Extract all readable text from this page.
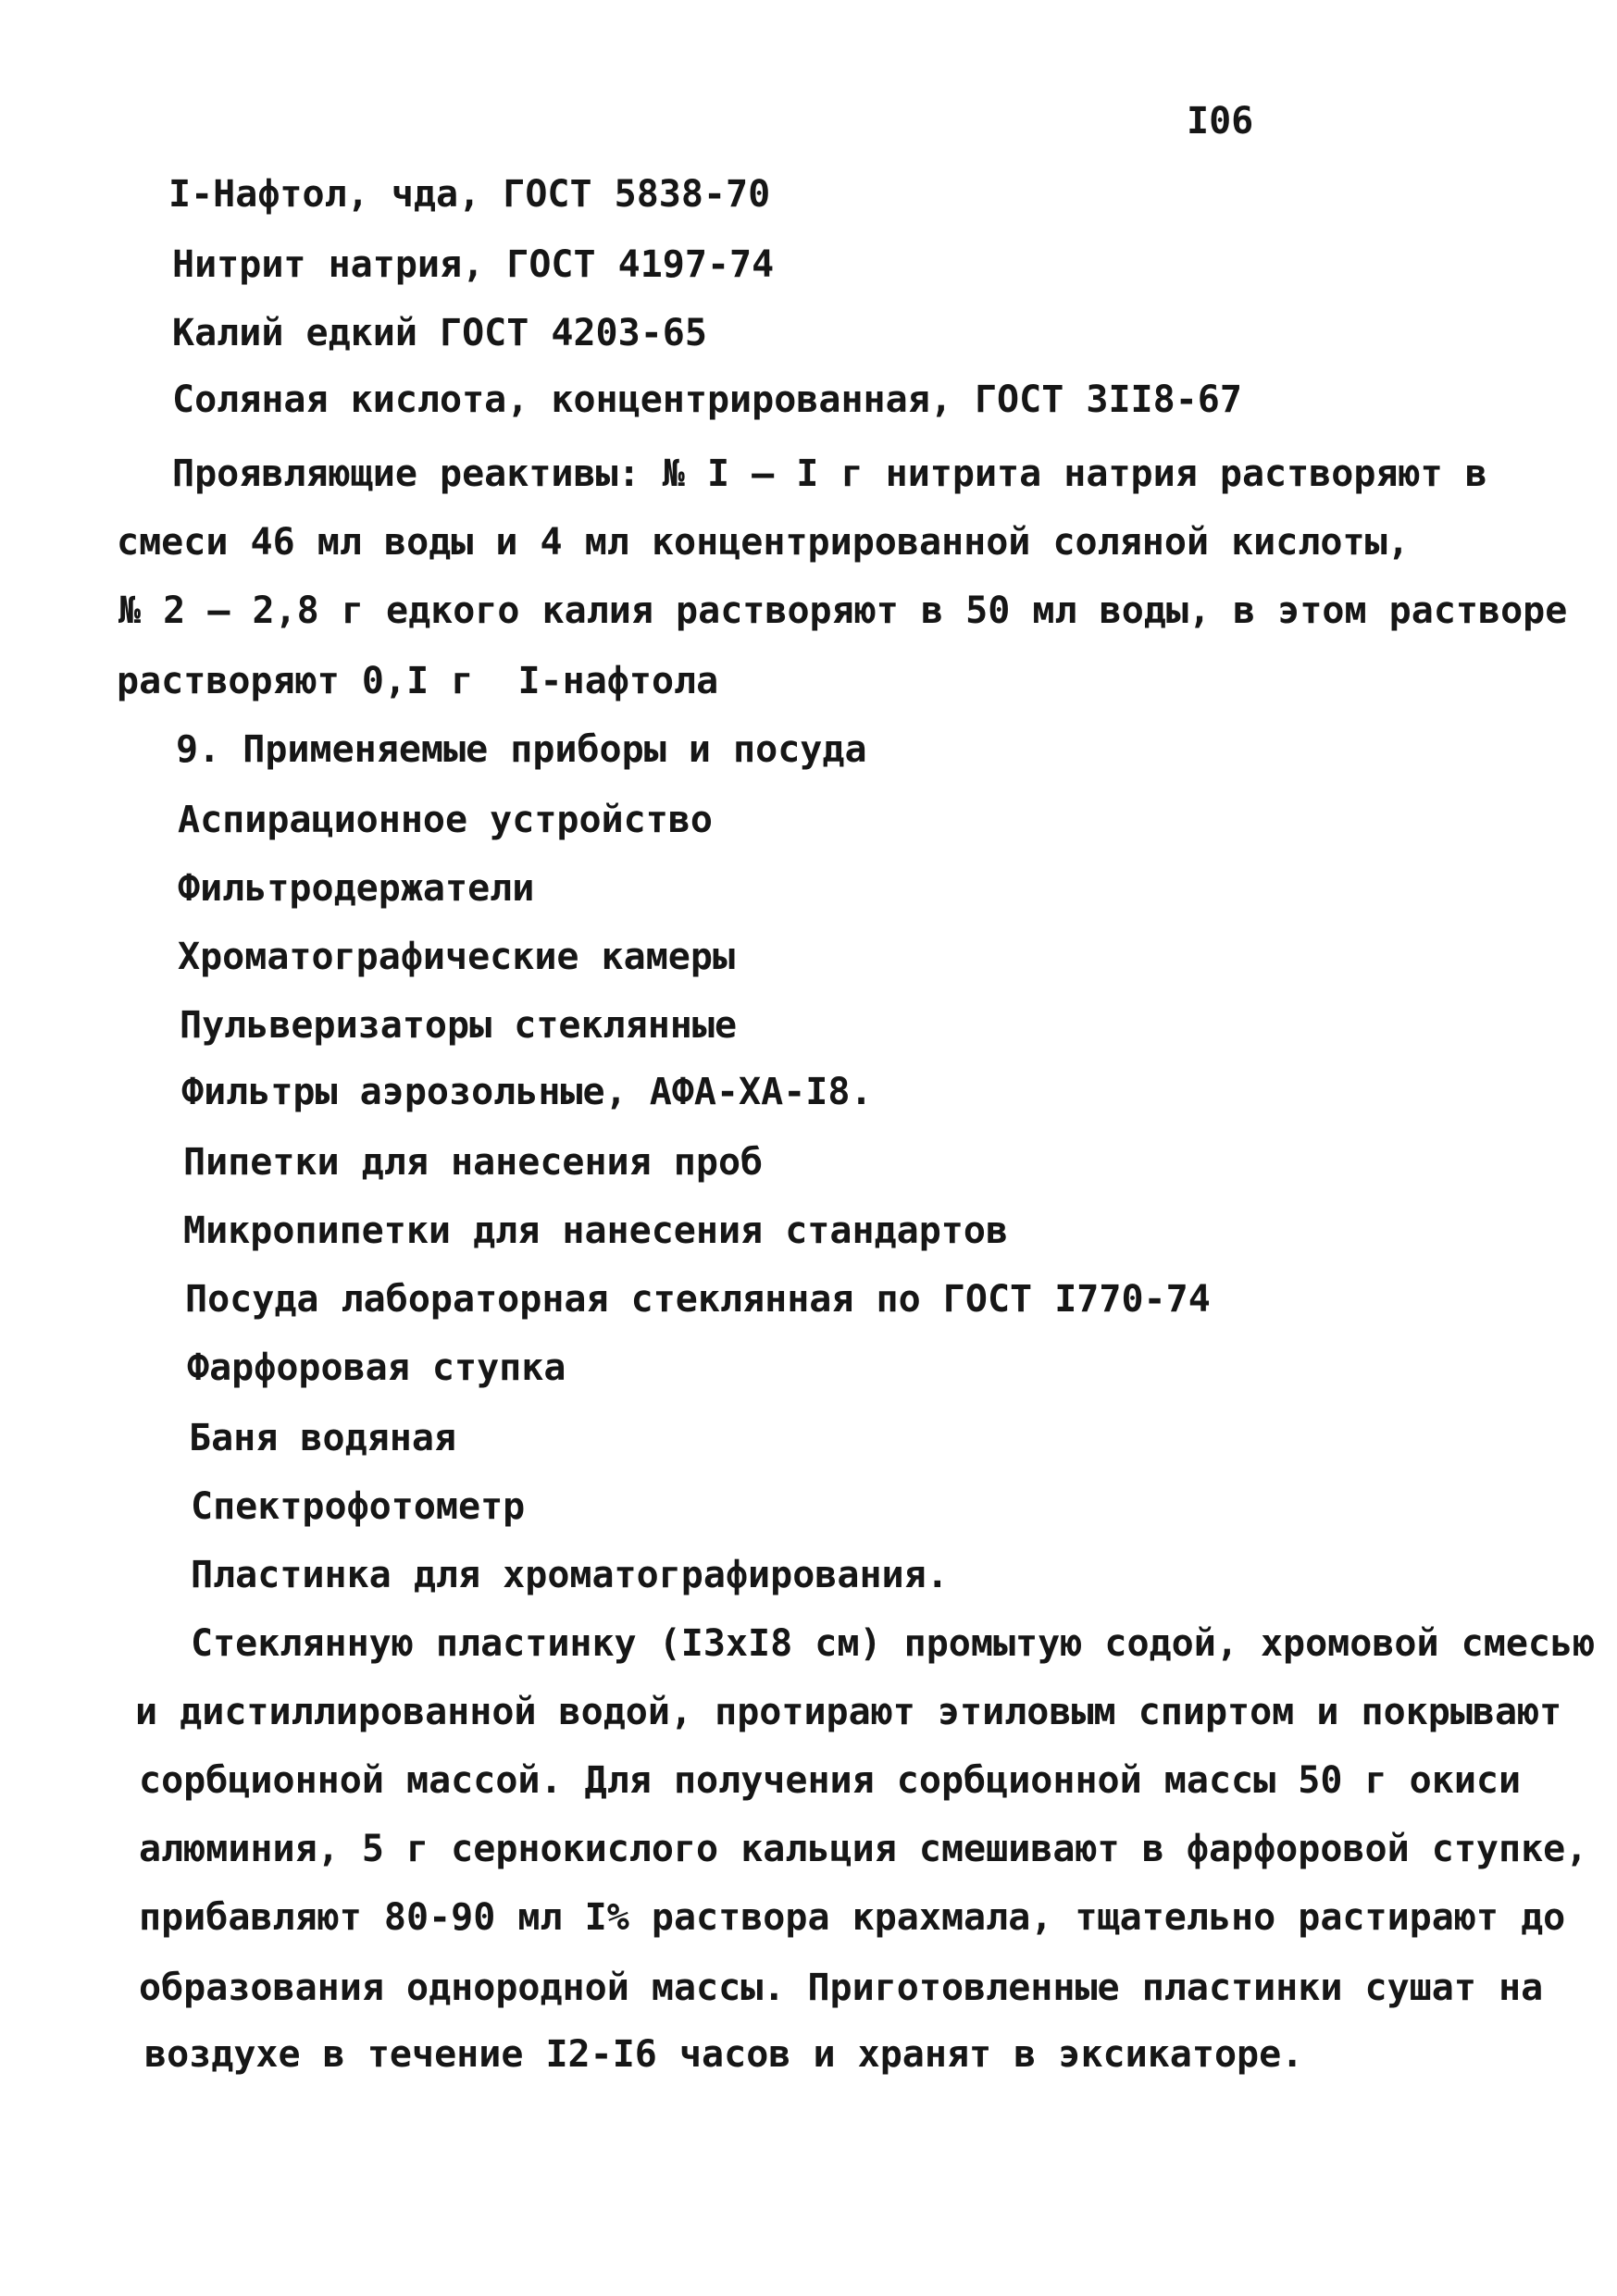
I06
I-Нафтол, чда, ГОСТ 5838-70
Нитрит натрия, ГОСТ 4197-74
Калий едкий ГОСТ 4203-65
Соляная кислота, концентрированная, ГОСТ 3II8-67
Проявляющие реактивы: № I – I г нитрита натрия растворяют в
смеси 46 мл воды и 4 мл концентрированной соляной кислоты,
№ 2 – 2,8 г едкого калия растворяют в 50 мл воды, в этом растворе
растворяют 0,I г  I-нафтола
9. Применяемые приборы и посуда
Аспирационное устройство
Фильтродержатели
Хроматографические камеры
Пульверизаторы стеклянные
Фильтры аэрозольные, АФА-ХА-I8.
Пипетки для нанесения проб
Микропипетки для нанесения стандартов
Посуда лабораторная стеклянная по ГОСТ I770-74
Фарфоровая ступка
Баня водяная
Спектрофотометр
Пластинка для хроматографирования.
Стеклянную пластинку (I3хI8 см) промытую содой, хромовой смесью
и дистиллированной водой, протирают этиловым спиртом и покрывают
сорбционной массой. Для получения сорбционной массы 50 г окиси
алюминия, 5 г сернокислого кальция смешивают в фарфоровой ступке,
прибавляют 80-90 мл I% раствора крахмала, тщательно растирают до
образования однородной массы. Приготовленные пластинки сушат на
воздухе в течение I2-I6 часов и хранят в эксикаторе.
